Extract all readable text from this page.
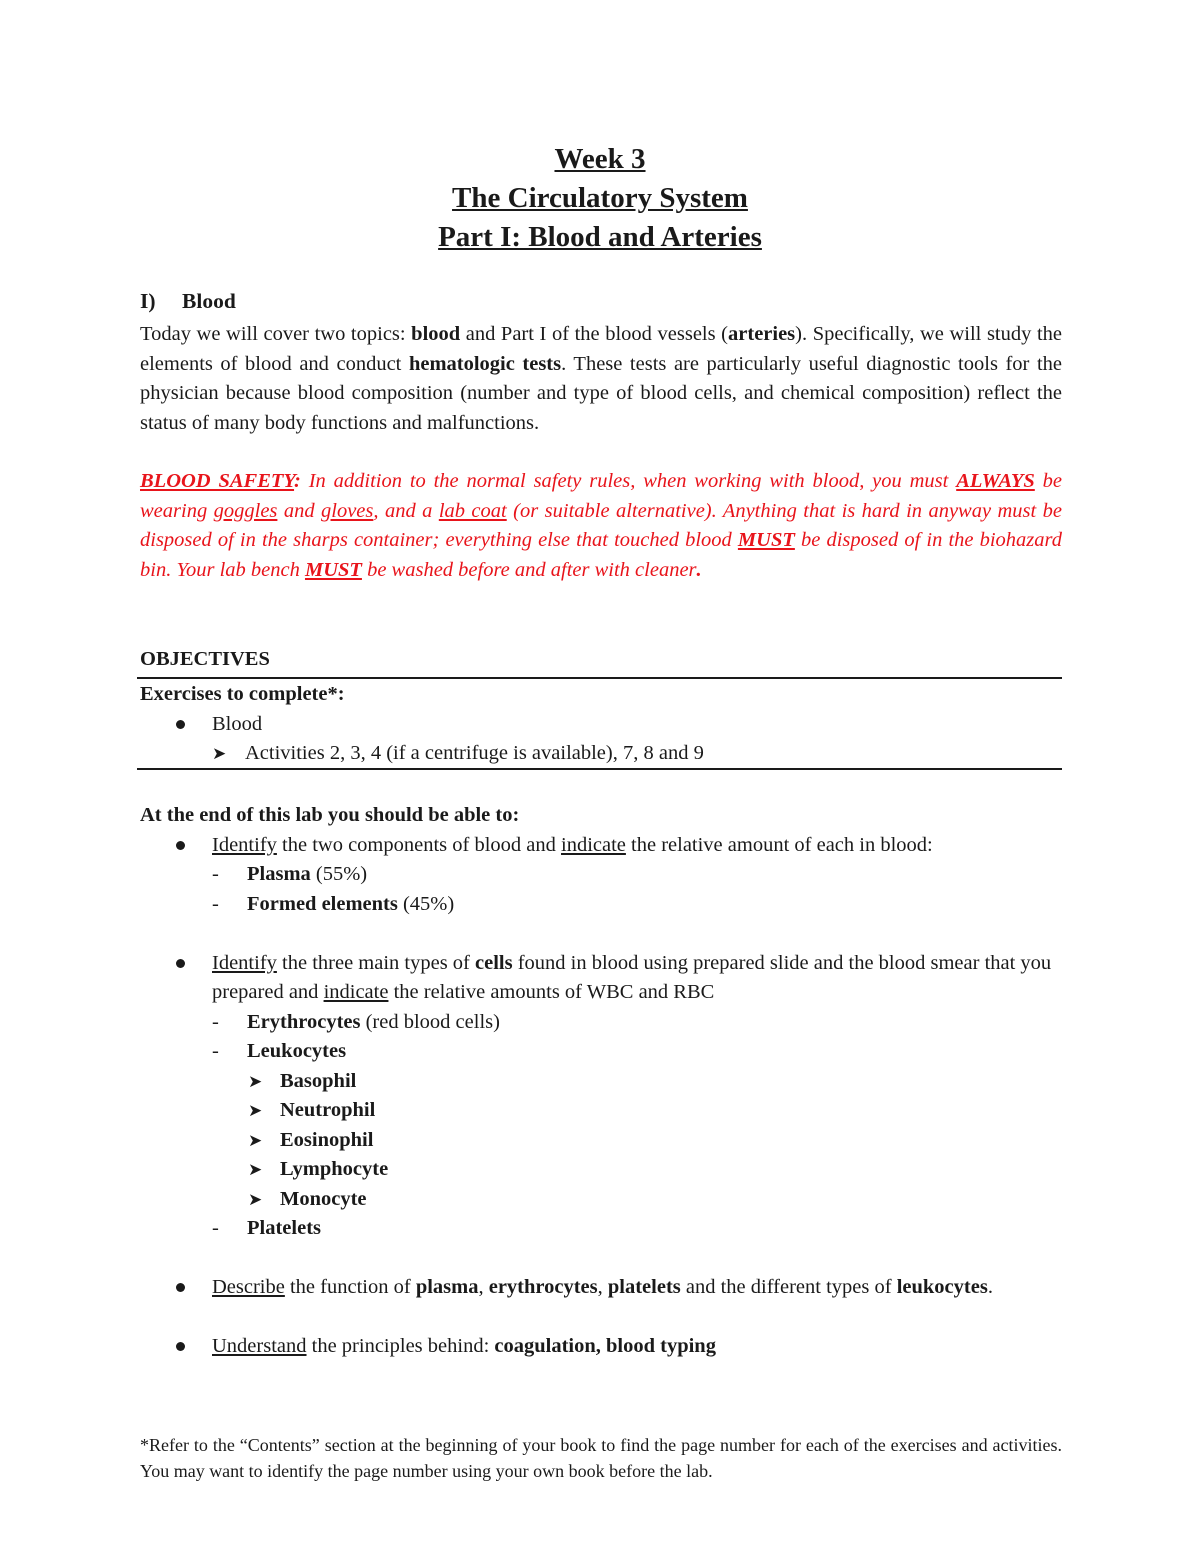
Week 3
The Circulatory System
Part I: Blood and Arteries
I) Blood

Today we will cover two topics: blood and Part I of the blood vessels (arteries). Specifically, we will study the elements of blood and conduct hematologic tests. These tests are particularly useful diagnostic tools for the physician because blood composition (number and type of blood cells, and chemical composition) reflect the status of many body functions and malfunctions.

BLOOD SAFETY: In addition to the normal safety rules, when working with blood, you must ALWAYS be wearing goggles and gloves, and a lab coat (or suitable alternative). Anything that is hard in anyway must be disposed of in the sharps container; everything else that touched blood MUST be disposed of in the biohazard bin. Your lab bench MUST be washed before and after with cleaner.

OBJECTIVES

Exercises to complete*:

Blood
➤ Activities 2, 3, 4 (if a centrifuge is available), 7, 8 and 9

At the end of this lab you should be able to:

Identify the two components of blood and indicate the relative amount of each in blood:
- Plasma (55%)
- Formed elements (45%)
Identify the three main types of cells found in blood using prepared slide and the blood smear that you prepared and indicate the relative amounts of WBC and RBC
- Erythrocytes (red blood cells)
- Leukocytes
➤ Basophil
➤ Neutrophil
➤ Eosinophil
➤ Lymphocyte
➤ Monocyte
- Platelets
Describe the function of plasma, erythrocytes, platelets and the different types of leukocytes.
Understand the principles behind: coagulation, blood typing

*Refer to the “Contents” section at the beginning of your book to find the page number for each of the exercises and activities. You may want to identify the page number using your own book before the lab.
